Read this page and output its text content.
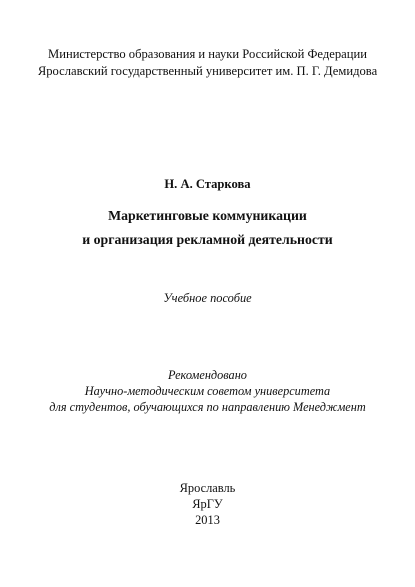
Министерство образования и науки Российской Федерации
Ярославский государственный университет им. П. Г. Демидова
Н. А. Старкова
Маркетинговые коммуникации
и организация рекламной деятельности
Учебное пособие
Рекомендовано
Научно-методическим советом университета
для студентов, обучающихся по направлению Менеджмент
Ярославль
ЯрГУ
2013
